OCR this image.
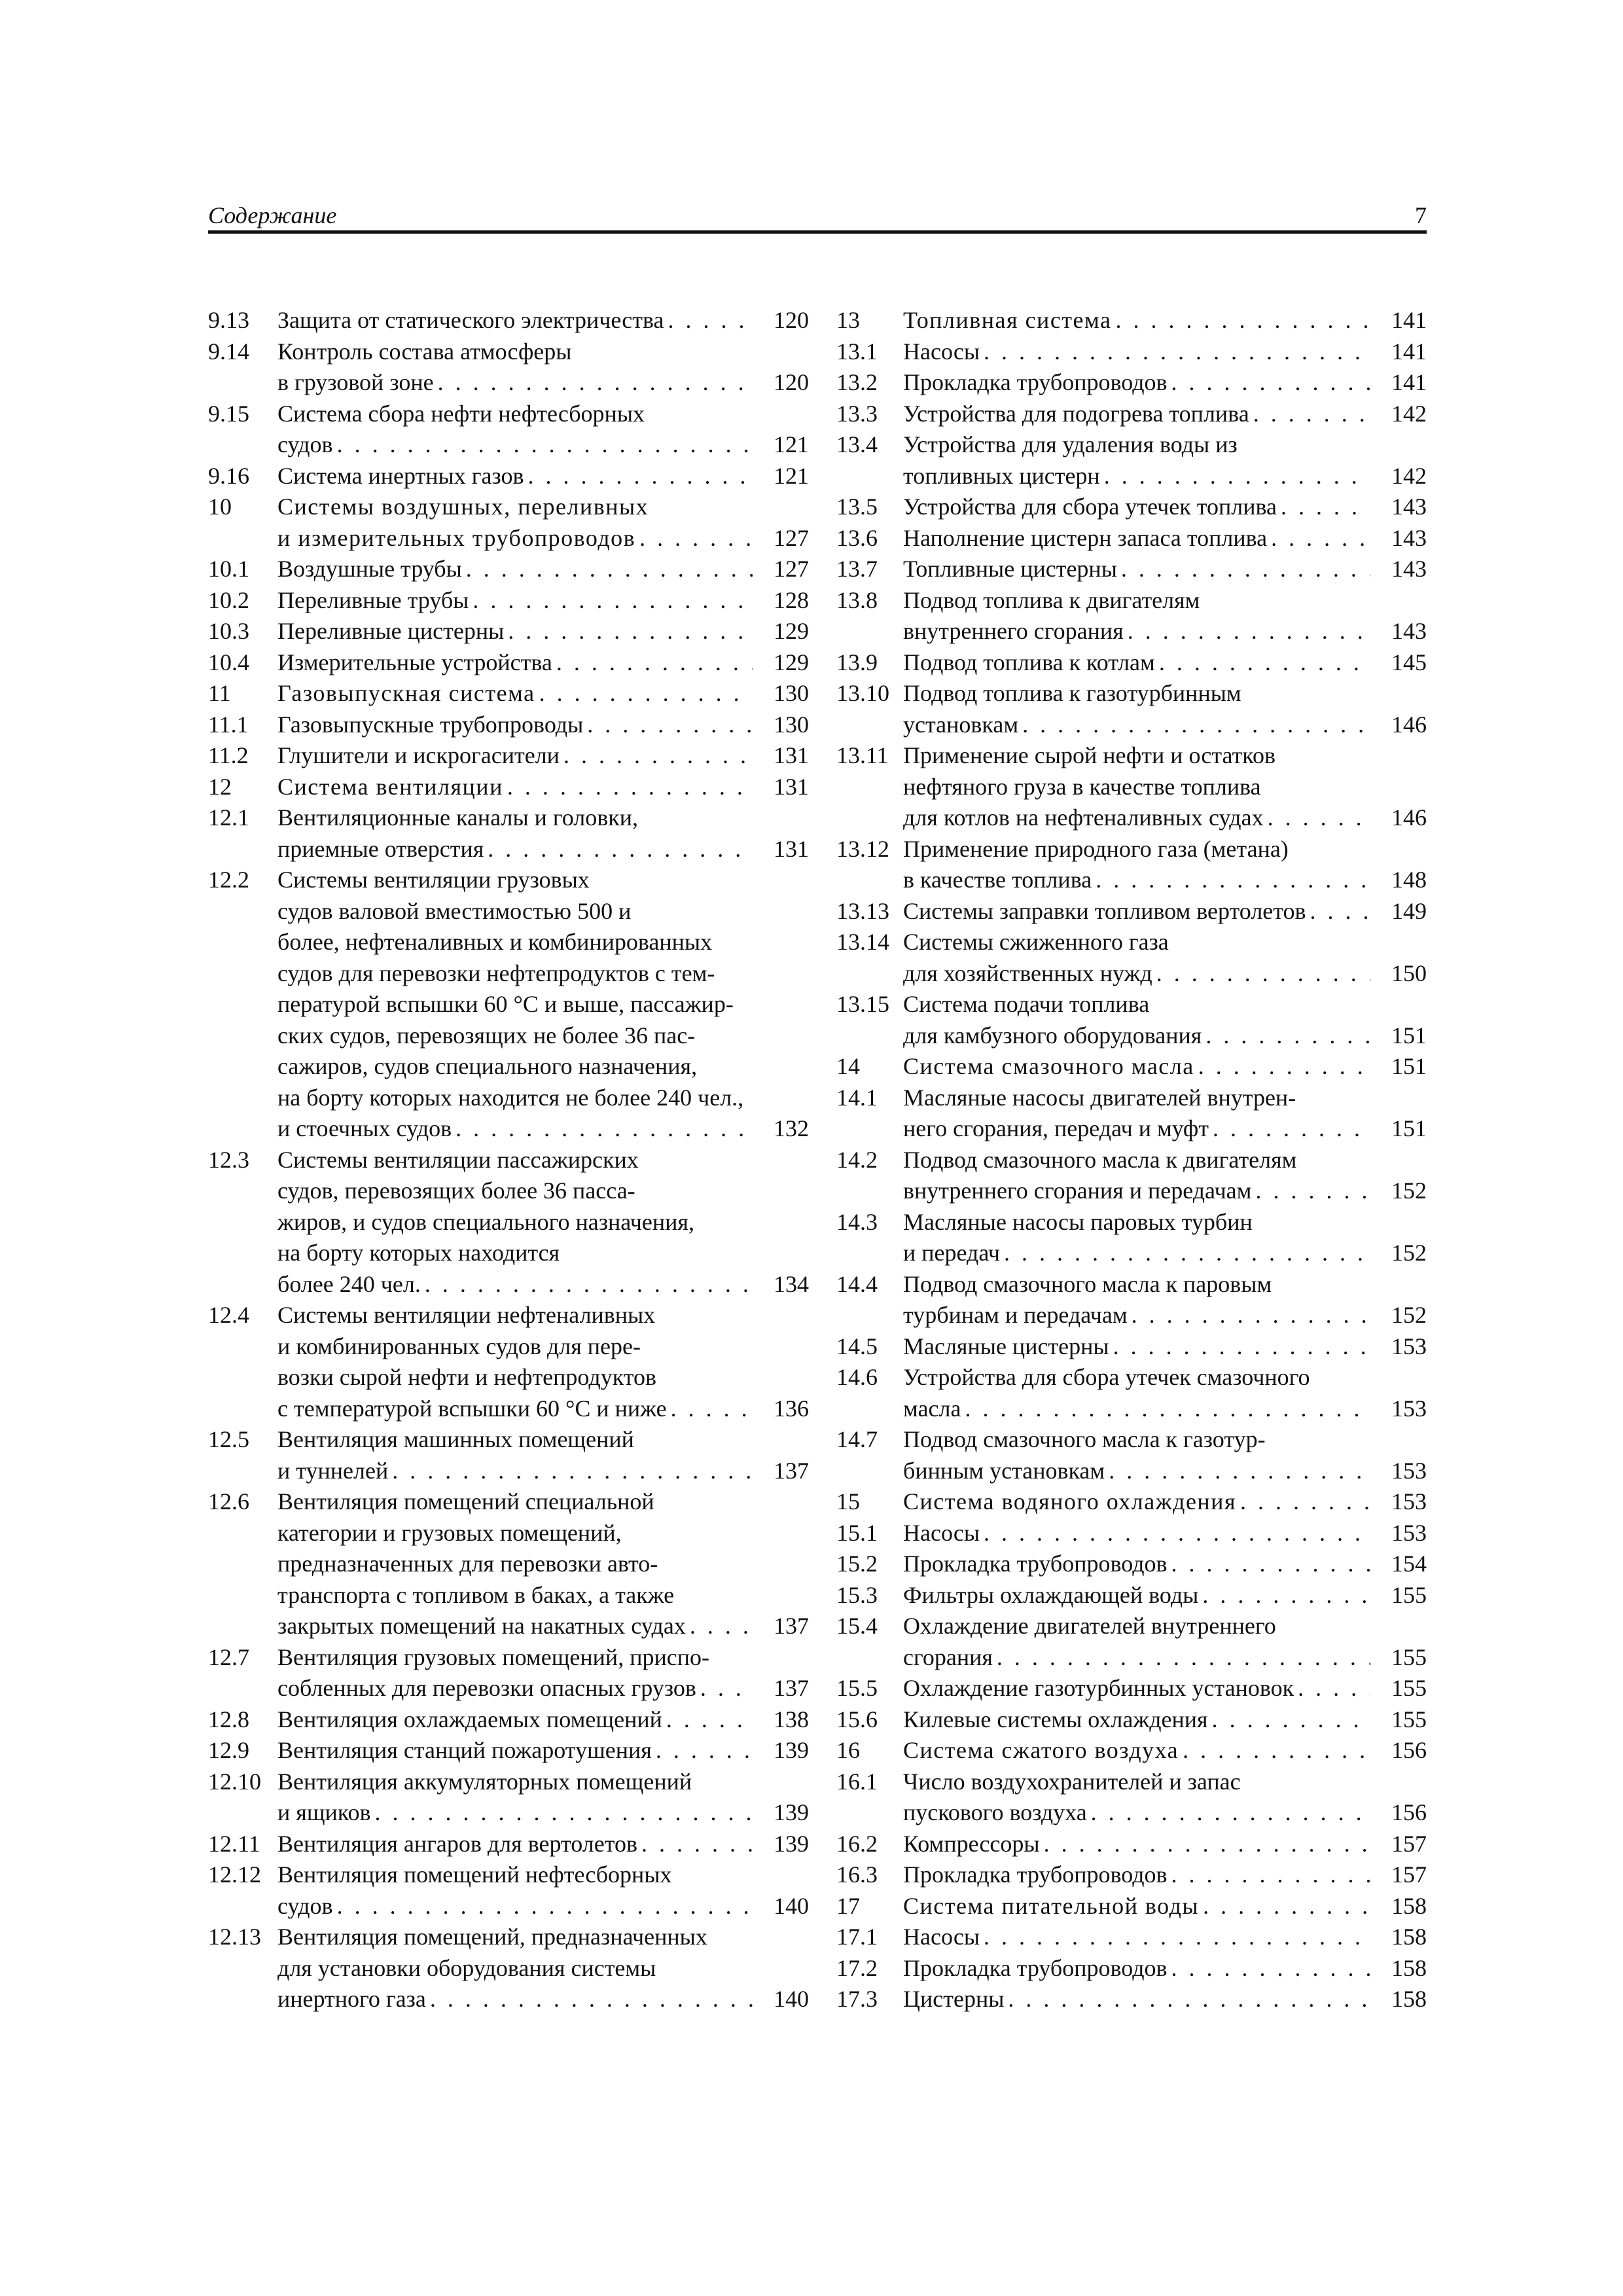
Содержание	7
9.13 Защита от статического электричества . . .	120
9.14 Контроль состава атмосферы
в грузовой зоне . . .	120
9.15 Система сбора нефти нефтесборных
судов . . .	121
9.16 Система инертных газов . . .	121
10 Системы воздушных, переливных
и измерительных трубопроводов . . .	127
10.1 Воздушные трубы . . .	127
10.2 Переливные трубы . . .	128
10.3 Переливные цистерны . . .	129
10.4 Измерительные устройства . . .	129
11 Газовыпускная система . . .	130
11.1 Газовыпускные трубопроводы . . .	130
11.2 Глушители и искрогасители . . .	131
12 Система вентиляции . . .	131
12.1 Вентиляционные каналы и головки,
приемные отверстия . . .	131
12.2 Системы вентиляции грузовых
судов валовой вместимостью 500 и
более, нефтеналивных и комбинированных
судов для перевозки нефтепродуктов с тем-
пературой вспышки 60 °С и выше, пассажир-
ских судов, перевозящих не более 36 пас-
сажиров, судов специального назначения,
на борту которых находится не более 240 чел.,
и стоечных судов . . .	132
12.3 Системы вентиляции пассажирских
судов, перевозящих более 36 пасса-
жиров, и судов специального назначения,
на борту которых находится
более 240 чел. . . .	134
12.4 Системы вентиляции нефтеналивных
и комбинированных судов для пере-
возки сырой нефти и нефтепродуктов
с температурой вспышки 60 °С и ниже . . .	136
12.5 Вентиляция машинных помещений
и туннелей . . .	137
12.6 Вентиляция помещений специальной
категории и грузовых помещений,
предназначенных для перевозки авто-
транспорта с топливом в баках, а также
закрытых помещений на накатных судах . . .	137
12.7 Вентиляция грузовых помещений, приспо-
собленных для перевозки опасных грузов . . .	137
12.8 Вентиляция охлаждаемых помещений . . .	138
12.9 Вентиляция станций пожаротушения . . .	139
12.10 Вентиляция аккумуляторных помещений
и ящиков . . .	139
12.11 Вентиляция ангаров для вертолетов . . .	139
12.12 Вентиляция помещений нефтесборных
судов . . .	140
12.13 Вентиляция помещений, предназначенных
для установки оборудования системы
инертного газа . . .	140
13 Топливная система . . .	141
13.1 Насосы . . .	141
13.2 Прокладка трубопроводов . . .	141
13.3 Устройства для подогрева топлива . . .	142
13.4 Устройства для удаления воды из
топливных цистерн . . .	142
13.5 Устройства для сбора утечек топлива . . .	143
13.6 Наполнение цистерн запаса топлива . . .	143
13.7 Топливные цистерны . . .	143
13.8 Подвод топлива к двигателям
внутреннего сгорания . . .	143
13.9 Подвод топлива к котлам . . .	145
13.10 Подвод топлива к газотурбинным
установкам . . .	146
13.11 Применение сырой нефти и остатков
нефтяного груза в качестве топлива
для котлов на нефтеналивных судах . . .	146
13.12 Применение природного газа (метана)
в качестве топлива . . .	148
13.13 Системы заправки топливом вертолетов . . .	149
13.14 Системы сжиженного газа
для хозяйственных нужд . . .	150
13.15 Система подачи топлива
для камбузного оборудования . . .	151
14 Система смазочного масла . . .	151
14.1 Масляные насосы двигателей внутрен-
него сгорания, передач и муфт . . .	151
14.2 Подвод смазочного масла к двигателям
внутреннего сгорания и передачам . . .	152
14.3 Масляные насосы паровых турбин
и передач . . .	152
14.4 Подвод смазочного масла к паровым
турбинам и передачам . . .	152
14.5 Масляные цистерны . . .	153
14.6 Устройства для сбора утечек смазочного
масла . . .	153
14.7 Подвод смазочного масла к газотур-
бинным установкам . . .	153
15 Система водяного охлаждения . . .	153
15.1 Насосы . . .	153
15.2 Прокладка трубопроводов . . .	154
15.3 Фильтры охлаждающей воды . . .	155
15.4 Охлаждение двигателей внутреннего
сгорания . . .	155
15.5 Охлаждение газотурбинных установок . . .	155
15.6 Килевые системы охлаждения . . .	155
16 Система сжатого воздуха . . .	156
16.1 Число воздухохранителей и запас
пускового воздуха . . .	156
16.2 Компрессоры . . .	157
16.3 Прокладка трубопроводов . . .	157
17 Система питательной воды . . .	158
17.1 Насосы . . .	158
17.2 Прокладка трубопроводов . . .	158
17.3 Цистерны . . .	158
